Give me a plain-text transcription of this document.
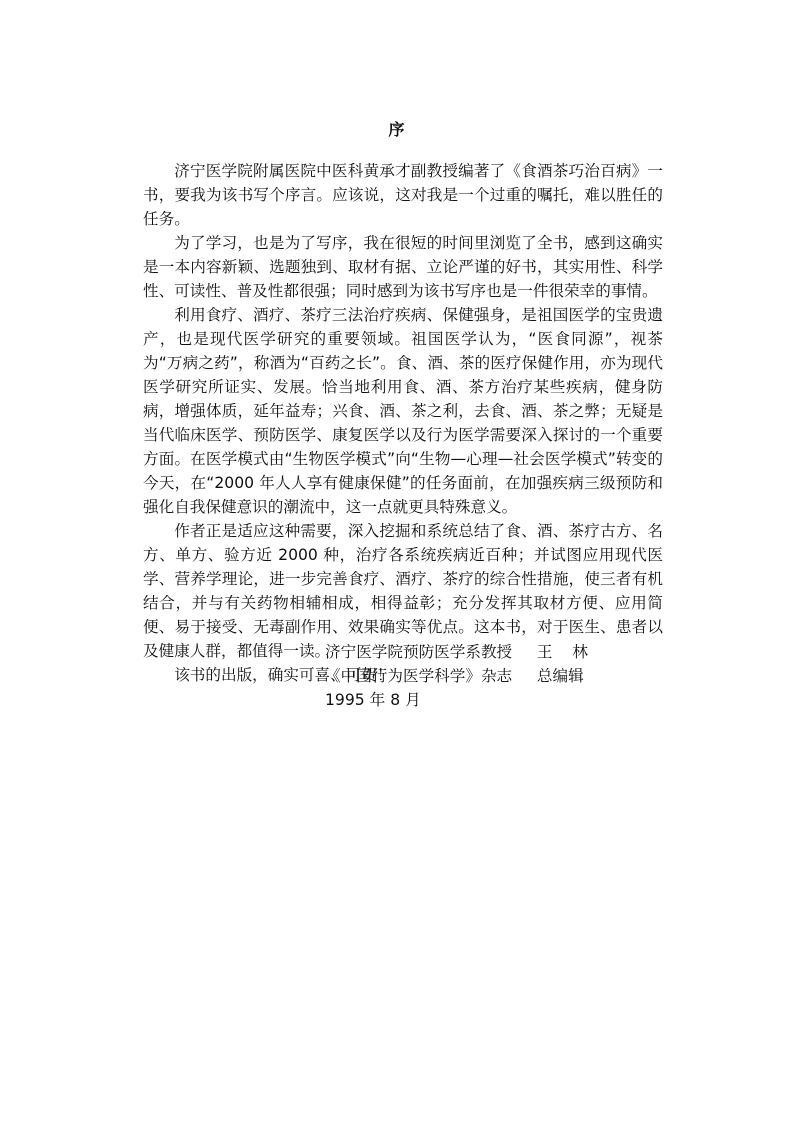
序

济宁医学院附属医院中医科黄承才副教授编著了《食酒茶巧治百病》一书，要我为该书写个序言。应该说，这对我是一个过重的嘱托，难以胜任的任务。

为了学习，也是为了写序，我在很短的时间里浏览了全书，感到这确实是一本内容新颖、选题独到、取材有据、立论严谨的好书，其实用性、科学性、可读性、普及性都很强；同时感到为该书写序也是一件很荣幸的事情。

利用食疗、酒疗、茶疗三法治疗疾病、保健强身，是祖国医学的宝贵遗产，也是现代医学研究的重要领域。祖国医学认为，“医食同源”，视茶为“万病之药”，称酒为“百药之长”。食、酒、茶的医疗保健作用，亦为现代医学研究所证实、发展。恰当地利用食、酒、茶方治疗某些疾病，健身防病，增强体质，延年益寿；兴食、酒、茶之利，去食、酒、茶之弊；无疑是当代临床医学、预防医学、康复医学以及行为医学需要深入探讨的一个重要方面。在医学模式由“生物医学模式”向“生物—心理—社会医学模式”转变的今天，在“2000 年人人享有健康保健”的任务面前，在加强疾病三级预防和强化自我保健意识的潮流中，这一点就更具特殊意义。

作者正是适应这种需要，深入挖掘和系统总结了食、酒、茶疗古方、名方、单方、验方近 2000 种，治疗各系统疾病近百种；并试图应用现代医学、营养学理论，进一步完善食疗、酒疗、茶疗的综合性措施，使三者有机结合，并与有关药物相辅相成，相得益彰；充分发挥其取材方便、应用简便、易于接受、无毒副作用、效果确实等优点。这本书，对于医生、患者以及健康人群，都值得一读。

该书的出版，确实可喜、可贺！

济宁医学院预防医学系教授     王    林
《中国行为医学科学》杂志     总编辑
1995 年 8 月
